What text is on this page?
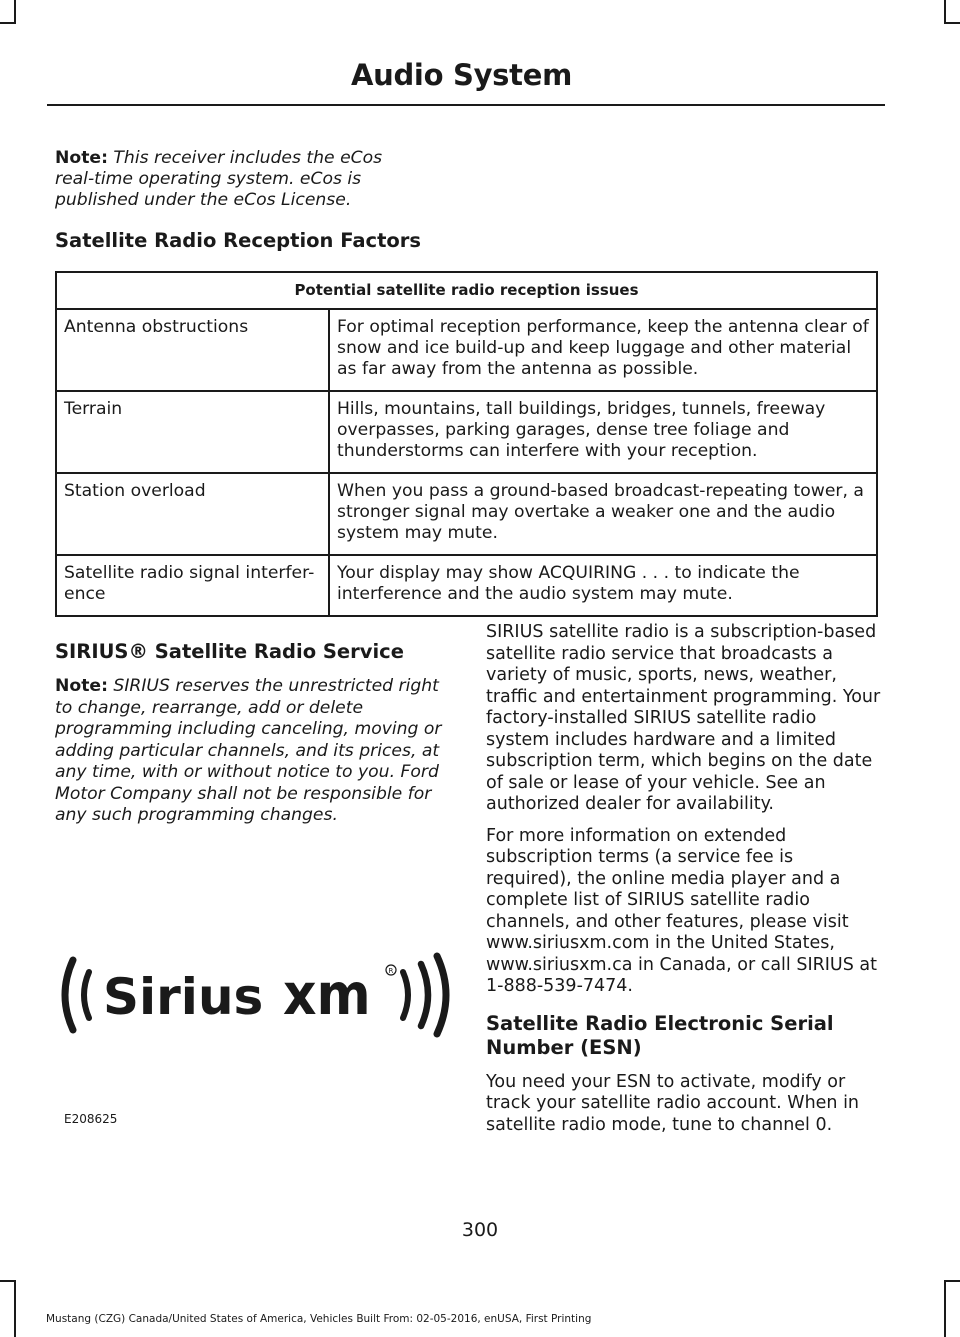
Audio System
Note: This receiver includes the eCos real-time operating system. eCos is published under the eCos License.
Satellite Radio Reception Factors
Potential satellite radio reception issues	
Antenna obstructions	For optimal reception performance, keep the antenna clear of snow and ice build-up and keep luggage and other material as far away from the antenna as possible.
Terrain	Hills, mountains, tall buildings, bridges, tunnels, freeway overpasses, parking garages, dense tree foliage and thunderstorms can interfere with your reception.
Station overload	When you pass a ground-based broadcast-repeating tower, a stronger signal may overtake a weaker one and the audio system may mute.
Satellite radio signal interfer-ence	Your display may show ACQUIRING . . . to indicate the interference and the audio system may mute.
SIRIUS® Satellite Radio Service

Note: SIRIUS reserves the unrestricted right to change, rearrange, add or delete programming including canceling, moving or adding particular channels, and its prices, at any time, with or without notice to you. Ford Motor Company shall not be responsible for any such programming changes.

Sirius xm	R
E208625

SIRIUS satellite radio is a subscription-based satellite radio service that broadcasts a variety of music, sports, news, weather, traffic and entertainment programming. Your factory-installed SIRIUS satellite radio system includes hardware and a limited subscription term, which begins on the date of sale or lease of your vehicle. See an authorized dealer for availability.

For more information on extended subscription terms (a service fee is required), the online media player and a complete list of SIRIUS satellite radio channels, and other features, please visit www.siriusxm.com in the United States, www.siriusxm.ca in Canada, or call SIRIUS at 1-888-539-7474.

Satellite Radio Electronic Serial Number (ESN)

You need your ESN to activate, modify or track your satellite radio account. When in satellite radio mode, tune to channel 0.

300
Mustang (CZG) Canada/United States of America, Vehicles Built From: 02-05-2016, enUSA, First Printing
